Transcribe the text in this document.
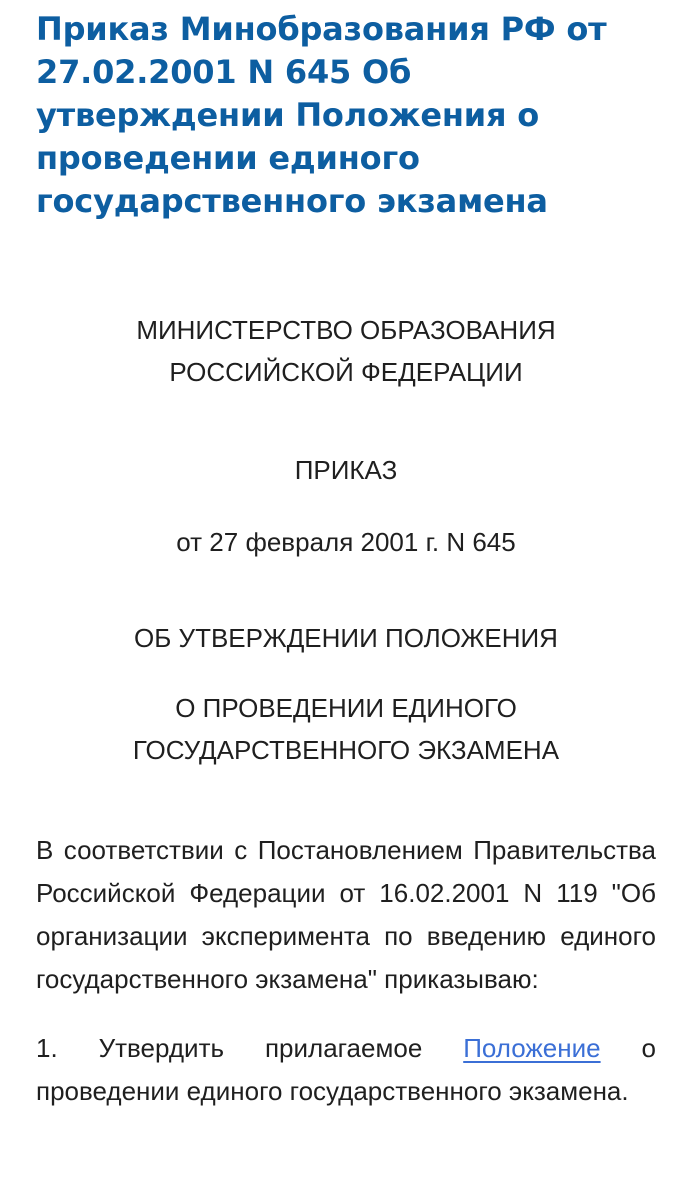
Приказ Минобразования РФ от 27.02.2001 N 645 Об утверждении Положения о проведении единого государственного экзамена

МИНИСТЕРСТВО ОБРАЗОВАНИЯ
РОССИЙСКОЙ ФЕДЕРАЦИИ

ПРИКАЗ

от 27 февраля 2001 г. N 645

ОБ УТВЕРЖДЕНИИ ПОЛОЖЕНИЯ

О ПРОВЕДЕНИИ ЕДИНОГО
ГОСУДАРСТВЕННОГО ЭКЗАМЕНА

В соответствии с Постановлением Правительства Российской Федерации от 16.02.2001 N 119 "Об организации эксперимента по введению единого государственного экзамена" приказываю:

1. Утвердить прилагаемое Положение о проведении единого государственного экзамена.
